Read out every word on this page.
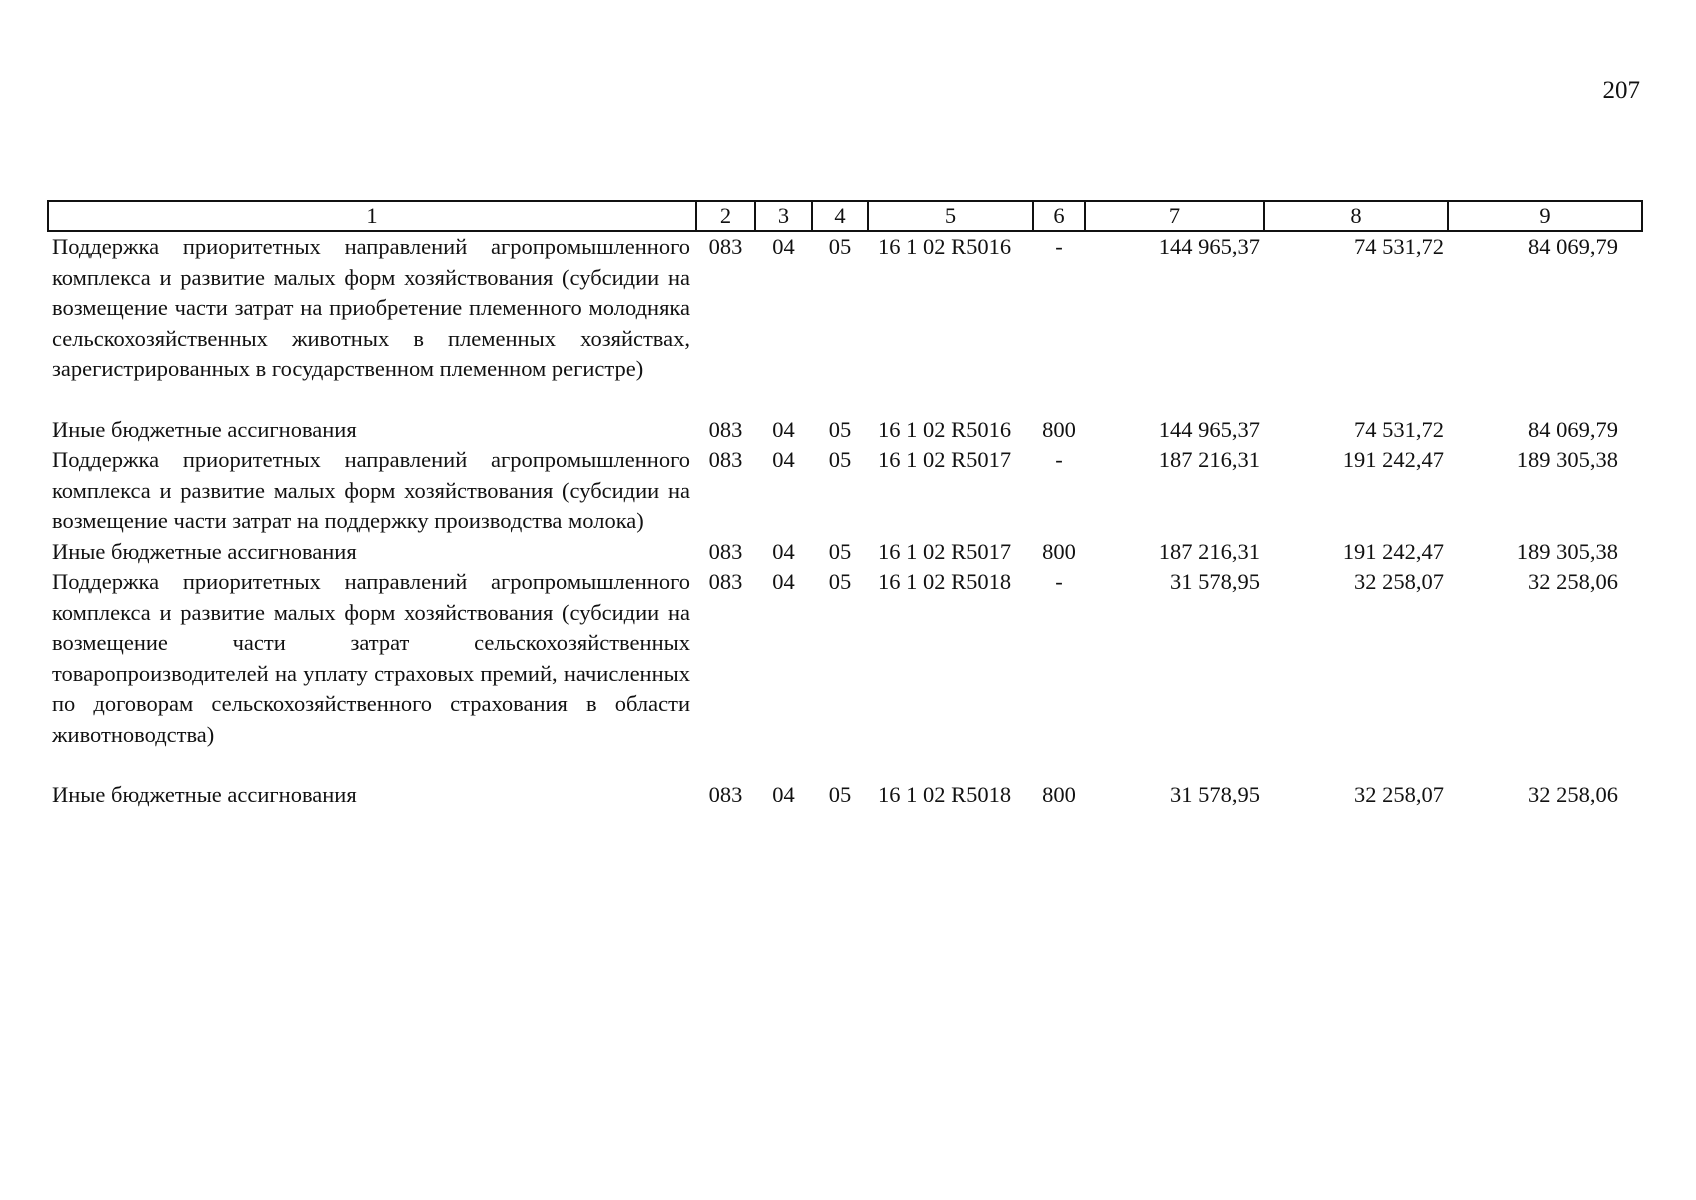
207
1	2	3	4	5	6	7	8	9
Поддержка приоритетных направлений агропромышленного комплекса и развитие малых форм хозяйствования (субсидии на возмещение части затрат на приобретение племенного молодняка сельскохозяйственных животных в племенных хозяйствах, зарегистрированных в государственном племенном регистре)	083	04	05	16 1 02 R5016	-	144 965,37	74 531,72	84 069,79
Иные бюджетные ассигнования	083	04	05	16 1 02 R5016	800	144 965,37	74 531,72	84 069,79
Поддержка приоритетных направлений агропромышленного комплекса и развитие малых форм хозяйствования (субсидии на возмещение части затрат на поддержку производства молока)	083	04	05	16 1 02 R5017	-	187 216,31	191 242,47	189 305,38
Иные бюджетные ассигнования	083	04	05	16 1 02 R5017	800	187 216,31	191 242,47	189 305,38
Поддержка приоритетных направлений агропромышленного комплекса и развитие малых форм хозяйствования (субсидии на возмещение части затрат сельскохозяйственных товаропроизводителей на уплату страховых премий, начисленных по договорам сельскохозяйственного страхования в области животноводства)	083	04	05	16 1 02 R5018	-	31 578,95	32 258,07	32 258,06
Иные бюджетные ассигнования	083	04	05	16 1 02 R5018	800	31 578,95	32 258,07	32 258,06
